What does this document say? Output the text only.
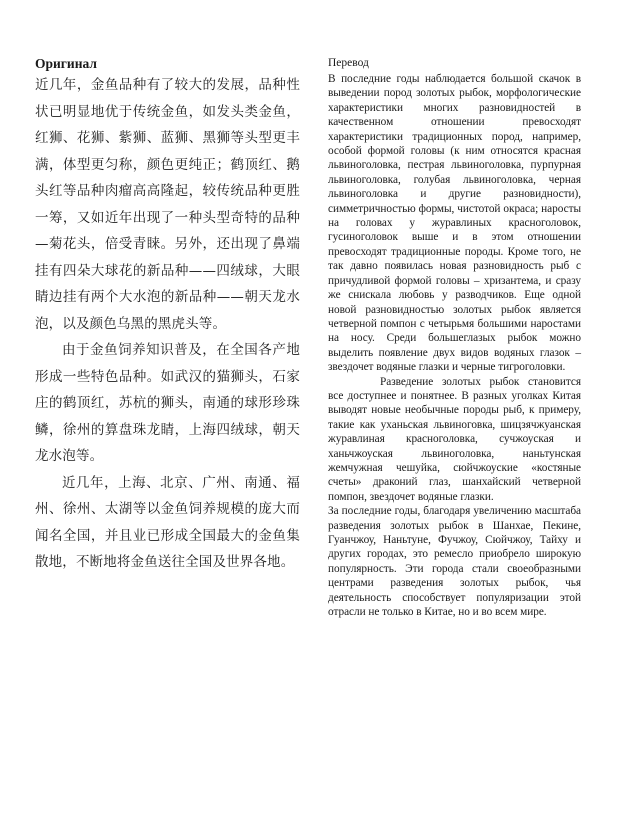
Оригинал

近几年，金鱼品种有了较大的发展，品种性状已明显地优于传统金鱼，如发头类金鱼，红狮、花狮、紫狮、蓝狮、黑狮等头型更丰满，体型更匀称，颜色更纯正；鹤顶红、鹅头红等品种肉瘤高高隆起，较传统品种更胜一筹，又如近年出现了一种头型奇特的品种—菊花头，倍受青睐。另外，还出现了鼻端挂有四朵大球花的新品种——四绒球，大眼睛边挂有两个大水泡的新品种——朝天龙水泡，以及颜色乌黑的黑虎头等。

由于金鱼饲养知识普及，在全国各产地形成一些特色品种。如武汉的猫狮头，石家庄的鹤顶红，苏杭的狮头，南通的球形珍珠鳞，徐州的算盘珠龙睛，上海四绒球，朝天龙水泡等。

近几年，上海、北京、广州、南通、福州、徐州、太湖等以金鱼饲养规模的庞大而闻名全国，并且业已形成全国最大的金鱼集散地，不断地将金鱼送往全国及世界各地。

Перевод

В последние годы наблюдается большой скачок в выведении пород золотых рыбок, морфологические характеристики многих разновидностей в качественном отношении превосходят характеристики традиционных пород, например, особой формой головы (к ним относятся красная львиноголовка, пестрая львиноголовка, пурпурная львиноголовка, голубая львиноголовка, черная львиноголовка и другие разновидности), симметричностью формы, чистотой окраса; наросты на головах у журавлиных красноголовок, гусиноголовок выше и в этом отношении превосходят традиционные породы. Кроме того, не так давно появилась новая разновидность рыб с причудливой формой головы – хризантема, и сразу же снискала любовь у разводчиков. Еще одной новой разновидностью золотых рыбок является четверной помпон с четырьмя большими наростами на носу. Среди большеглазых рыбок можно выделить появление двух видов водяных глазок – звездочет водяные глазки и черные тигроголовки.

Разведение золотых рыбок становится все доступнее и понятнее. В разных уголках Китая выводят новые необычные породы рыб, к примеру, такие как уханьская львиноговка, шицзячжуанская журавлиная красноголовка, сучжоуская и ханьчжоуская львиноголовка, наньтунская жемчужная чешуйка, сюйчжоуские «костяные счеты» драконий глаз, шанхайский четверной помпон, звездочет водяные глазки.

За последние годы, благодаря увеличению масштаба разведения золотых рыбок в Шанхае, Пекине, Гуанчжоу, Наньтуне, Фучжоу, Сюйчжоу, Тайху и других городах, это ремесло приобрело широкую популярность. Эти города стали своеобразными центрами разведения золотых рыбок, чья деятельность способствует популяризации этой отрасли не только в Китае, но и во всем мире.
